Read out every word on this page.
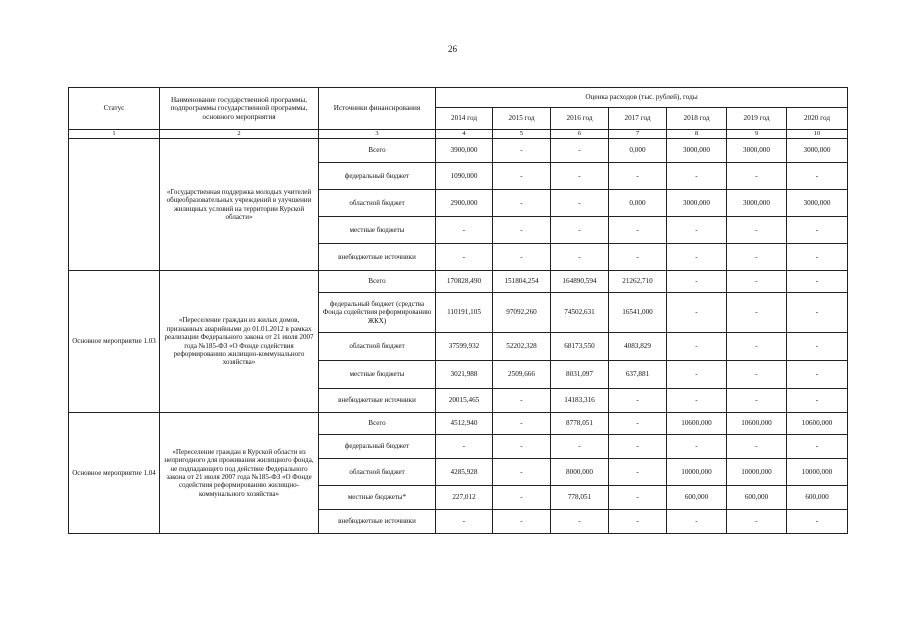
26
Статус	Наименование государственной программы, подпрограммы государственной программы, основного мероприятия	Источники финансирования	Оценка расходов (тыс. рублей), годы						
			2014 год	2015 год	2016 год	2017 год	2018 год	2019 год	2020 год
1	2	3	4	5	6	7	8	9	10
	«Государственная поддержка молодых учителей общеобразовательных учреждений в улучшении жилищных условий на территории Курской области»	Всего	3900,000	-	-	0,000	3000,000	3000,000	3000,000
		федеральный бюджет	1090,000	-	-	-	-	-	-
		областной бюджет	2900,000	-	-	0,000	3000,000	3000,000	3000,000
		местные бюджеты	-	-	-	-	-	-	-
		внебюджетные источники	-	-	-	-	-	-	-
Основное мероприятие 1.03	«Переселение граждан из жилых домов, признанных аварийными до 01.01.2012 в рамках реализации Федерального закона от 21 июля 2007 года №185-ФЗ «О Фонде содействия реформированию жилищно-коммунального хозяйства»	Всего	170828,490	151804,254	164890,594	21262,710	-	-	-
		федеральный бюджет (средства Фонда содействия реформированию ЖКХ)	110191,105	97092,260	74502,631	16541,000	-	-	-
		областной бюджет	37599,932	52202,328	68173,550	4083,829	-	-	-
		местные бюджеты	3021,988	2509,666	8031,097	637,881	-	-	-
		внебюджетные источники	20015,465	-	14183,316	-	-	-	-
Основное мероприятие 1.04	«Переселение граждан в Курской области из непригодного для проживания жилищного фонда, не подпадающего под действие Федерального закона от 21 июля 2007 года №185-ФЗ «О Фонде содействия реформированию жилищно-коммунального хозяйства»	Всего	4512,940	-	8778,051	-	10600,000	10600,000	10600,000
		федеральный бюджет	-	-	-	-	-	-	-
		областной бюджет	4285,928	-	8000,000	-	10000,000	10000,000	10000,000
		местные бюджеты*	227,012	-	778,051	-	600,000	600,000	600,000
		внебюджетные источники	-	-	-	-	-	-	-
